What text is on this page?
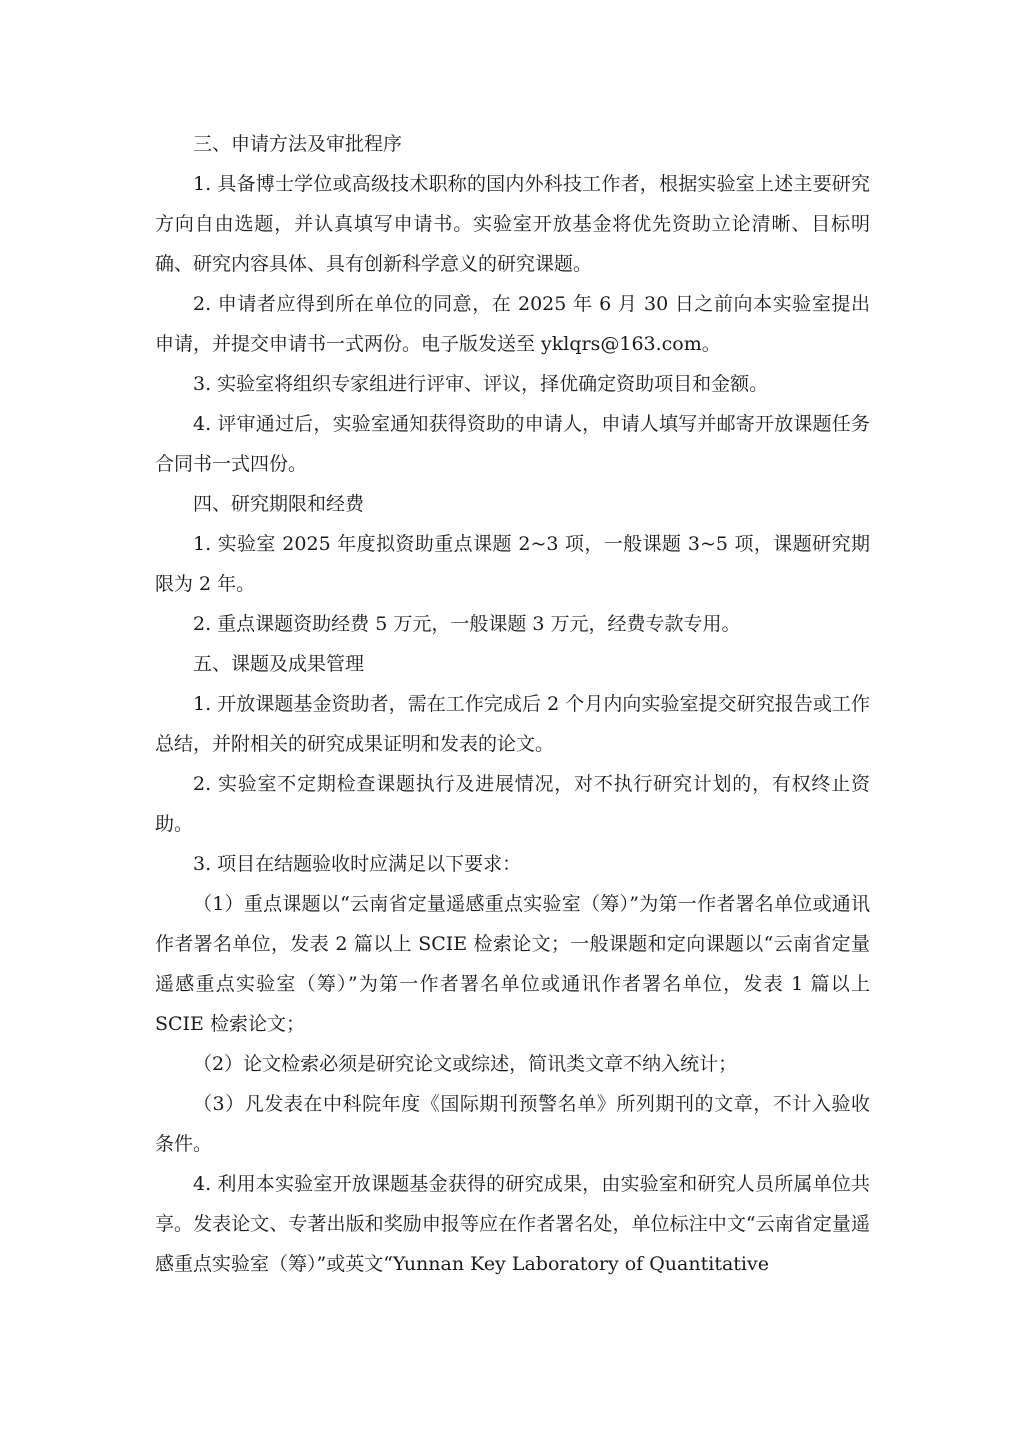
三、申请方法及审批程序

1. 具备博士学位或高级技术职称的国内外科技工作者，根据实验室上述主要研究方向自由选题，并认真填写申请书。实验室开放基金将优先资助立论清晰、目标明确、研究内容具体、具有创新科学意义的研究课题。

2. 申请者应得到所在单位的同意，在 2025 年 6 月 30 日之前向本实验室提出申请，并提交申请书一式两份。电子版发送至 yklqrs@163.com。

3. 实验室将组织专家组进行评审、评议，择优确定资助项目和金额。

4. 评审通过后，实验室通知获得资助的申请人，申请人填写并邮寄开放课题任务合同书一式四份。

四、研究期限和经费

1. 实验室 2025 年度拟资助重点课题 2~3 项，一般课题 3~5 项，课题研究期限为 2 年。

2. 重点课题资助经费 5 万元，一般课题 3 万元，经费专款专用。

五、课题及成果管理

1. 开放课题基金资助者，需在工作完成后 2 个月内向实验室提交研究报告或工作总结，并附相关的研究成果证明和发表的论文。

2. 实验室不定期检查课题执行及进展情况，对不执行研究计划的，有权终止资助。

3. 项目在结题验收时应满足以下要求：

（1）重点课题以“云南省定量遥感重点实验室（筹）”为第一作者署名单位或通讯作者署名单位，发表 2 篇以上 SCIE 检索论文；一般课题和定向课题以“云南省定量遥感重点实验室（筹）”为第一作者署名单位或通讯作者署名单位，发表 1 篇以上 SCIE 检索论文；

（2）论文检索必须是研究论文或综述，简讯类文章不纳入统计；

（3）凡发表在中科院年度《国际期刊预警名单》所列期刊的文章，不计入验收条件。

4. 利用本实验室开放课题基金获得的研究成果，由实验室和研究人员所属单位共享。发表论文、专著出版和奖励申报等应在作者署名处，单位标注中文“云南省定量遥感重点实验室（筹）”或英文“Yunnan Key Laboratory of Quantitative
